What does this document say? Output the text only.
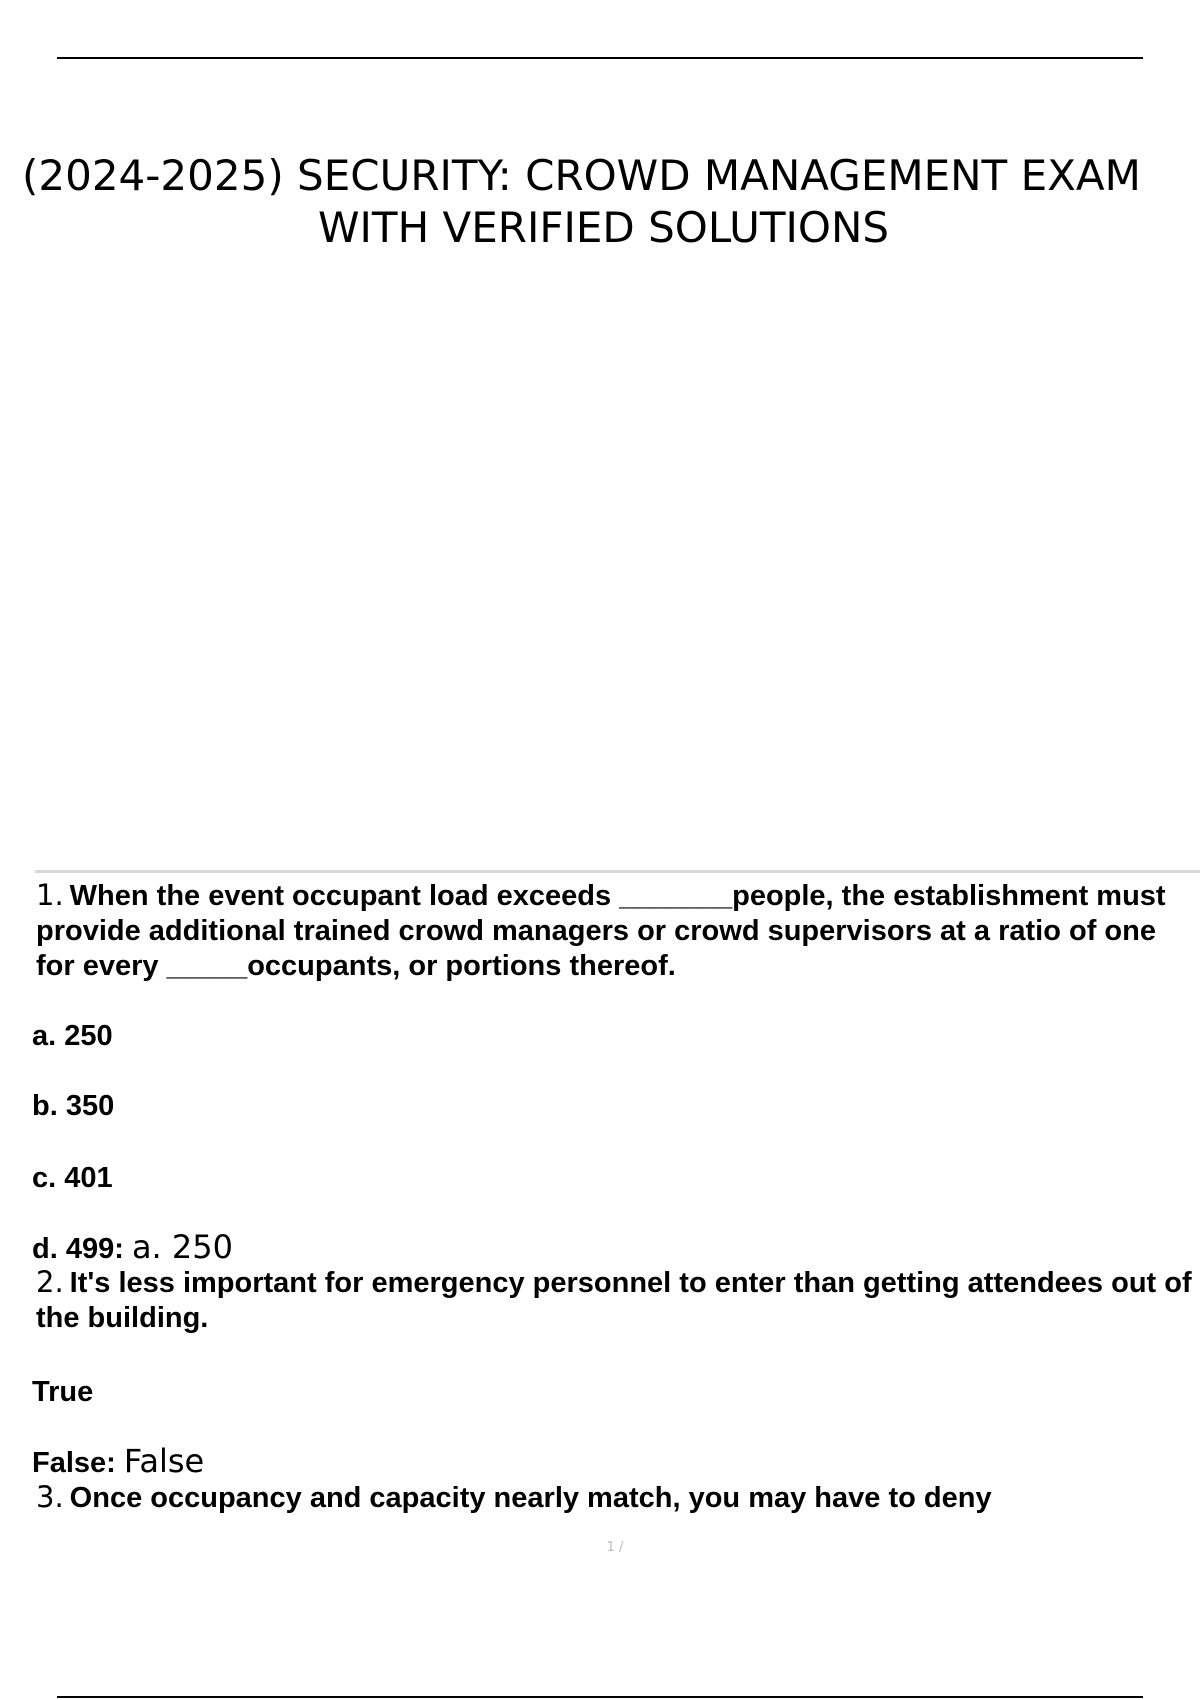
(2024-2025) SECURITY: CROWD MANAGEMENT EXAM
WITH VERIFIED SOLUTIONS
1. When the event occupant load exceeds _______people, the establishment must provide additional trained crowd managers or crowd supervisors at a ratio of one for every _____occupants, or portions thereof.
a. 250
b. 350
c. 401
d. 499: a. 250
2. It's less important for emergency personnel to enter than getting attendees out of the building.
True
False: False
3. Once occupancy and capacity nearly match, you may have to deny
1 /
